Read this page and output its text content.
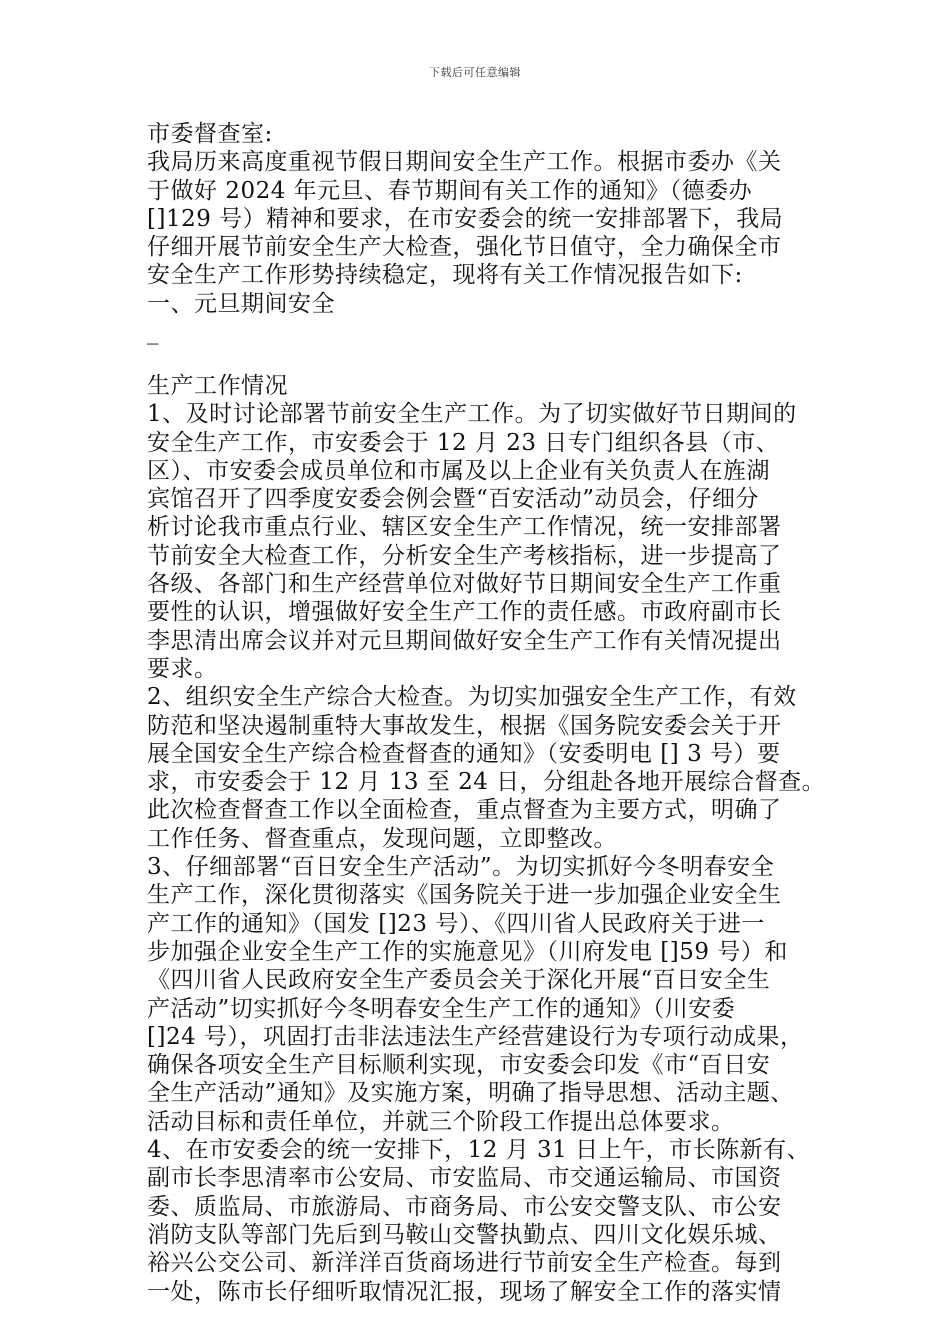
下载后可任意编辑
市委督查室:
我局历来高度重视节假日期间安全生产工作。根据市委办《关
于做好 2024 年元旦、春节期间有关工作的通知》（德委办
[]129 号）精神和要求，在市安委会的统一安排部署下，我局
仔细开展节前安全生产大检查，强化节日值守，全力确保全市
安全生产工作形势持续稳定，现将有关工作情况报告如下:
一、元旦期间安全
_
生产工作情况
1、及时讨论部署节前安全生产工作。为了切实做好节日期间的
安全生产工作，市安委会于 12 月 23 日专门组织各县（市、
区）、市安委会成员单位和市属及以上企业有关负责人在旌湖
宾馆召开了四季度安委会例会暨“百安活动”动员会，仔细分
析讨论我市重点行业、辖区安全生产工作情况，统一安排部署
节前安全大检查工作，分析安全生产考核指标，进一步提高了
各级、各部门和生产经营单位对做好节日期间安全生产工作重
要性的认识，增强做好安全生产工作的责任感。市政府副市长
李思清出席会议并对元旦期间做好安全生产工作有关情况提出
要求。
2、组织安全生产综合大检查。为切实加强安全生产工作，有效
防范和坚决遏制重特大事故发生，根据《国务院安委会关于开
展全国安全生产综合检查督查的通知》（安委明电 [] 3 号）要
求，市安委会于 12 月 13 至 24 日，分组赴各地开展综合督查。
此次检查督查工作以全面检查，重点督查为主要方式，明确了
工作任务、督查重点，发现问题，立即整改。
3、仔细部署“百日安全生产活动”。为切实抓好今冬明春安全
生产工作，深化贯彻落实《国务院关于进一步加强企业安全生
产工作的通知》（国发 []23 号）、《四川省人民政府关于进一
步加强企业安全生产工作的实施意见》（川府发电 []59 号）和
《四川省人民政府安全生产委员会关于深化开展“百日安全生
产活动”切实抓好今冬明春安全生产工作的通知》（川安委
[]24 号），巩固打击非法违法生产经营建设行为专项行动成果，
确保各项安全生产目标顺利实现，市安委会印发《市“百日安
全生产活动”通知》及实施方案，明确了指导思想、活动主题、
活动目标和责任单位，并就三个阶段工作提出总体要求。
4、在市安委会的统一安排下，12 月 31 日上午，市长陈新有、
副市长李思清率市公安局、市安监局、市交通运输局、市国资
委、质监局、市旅游局、市商务局、市公安交警支队、市公安
消防支队等部门先后到马鞍山交警执勤点、四川文化娱乐城、
裕兴公交公司、新洋洋百货商场进行节前安全生产检查。每到
一处，陈市长仔细听取情况汇报，现场了解安全工作的落实情
